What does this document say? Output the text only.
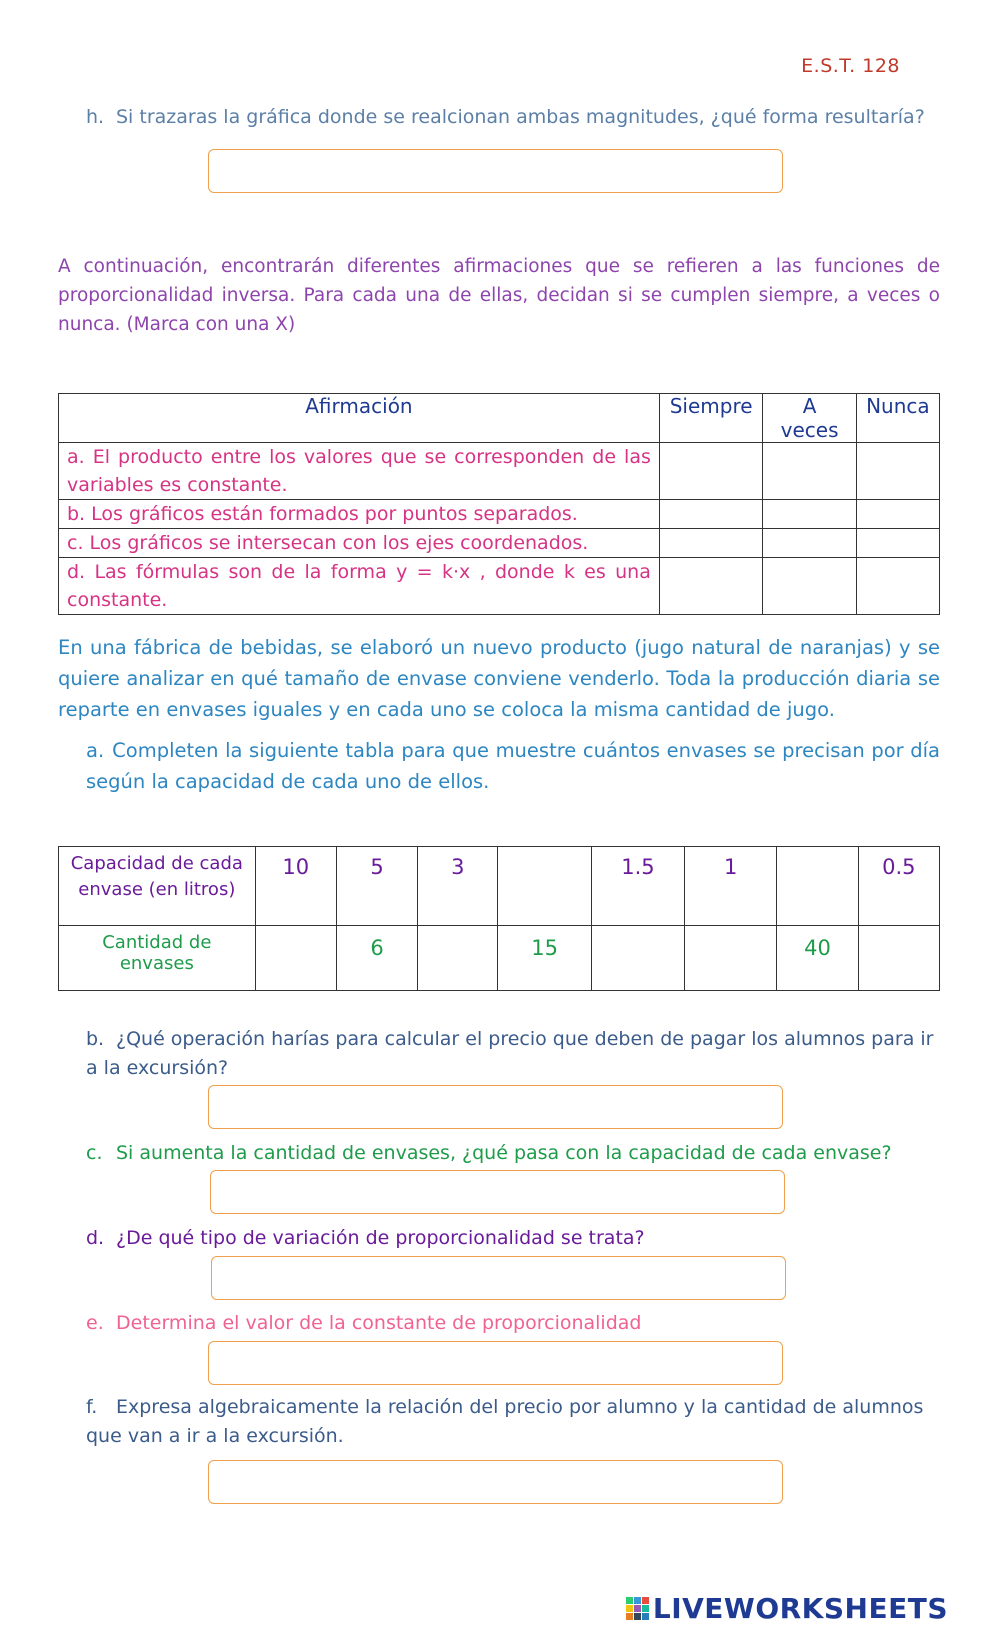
E.S.T. 128
h. Si trazaras la gráfica donde se realcionan ambas magnitudes, ¿qué forma resultaría?
A continuación, encontrarán diferentes afirmaciones que se refieren a las funciones de proporcionalidad inversa. Para cada una de ellas, decidan si se cumplen siempre, a veces o nunca. (Marca con una X)
Afirmación	Siempre	A veces	Nunca
a. El producto entre los valores que se corresponden de las variables es constante.			
b. Los gráficos están formados por puntos separados.			
c. Los gráficos se intersecan con los ejes coordenados.			
d. Las fórmulas son de la forma y = k·x , donde k es una constante.			
En una fábrica de bebidas, se elaboró un nuevo producto (jugo natural de naranjas) y se quiere analizar en qué tamaño de envase conviene venderlo. Toda la producción diaria se reparte en envases iguales y en cada uno se coloca la misma cantidad de jugo.
a. Completen la siguiente tabla para que muestre cuántos envases se precisan por día según la capacidad de cada uno de ellos.
Capacidad de cada envase (en litros)	10	5	3		1.5	1		0.5
Cantidad de envases		6		15			40	
b. ¿Qué operación harías para calcular el precio que deben de pagar los alumnos para ir a la excursión?
c. Si aumenta la cantidad de envases, ¿qué pasa con la capacidad de cada envase?
d. ¿De qué tipo de variación de proporcionalidad se trata?
e. Determina el valor de la constante de proporcionalidad
f. Expresa algebraicamente la relación del precio por alumno y la cantidad de alumnos que van a ir a la excursión.
LIVEWORKSHEETS
